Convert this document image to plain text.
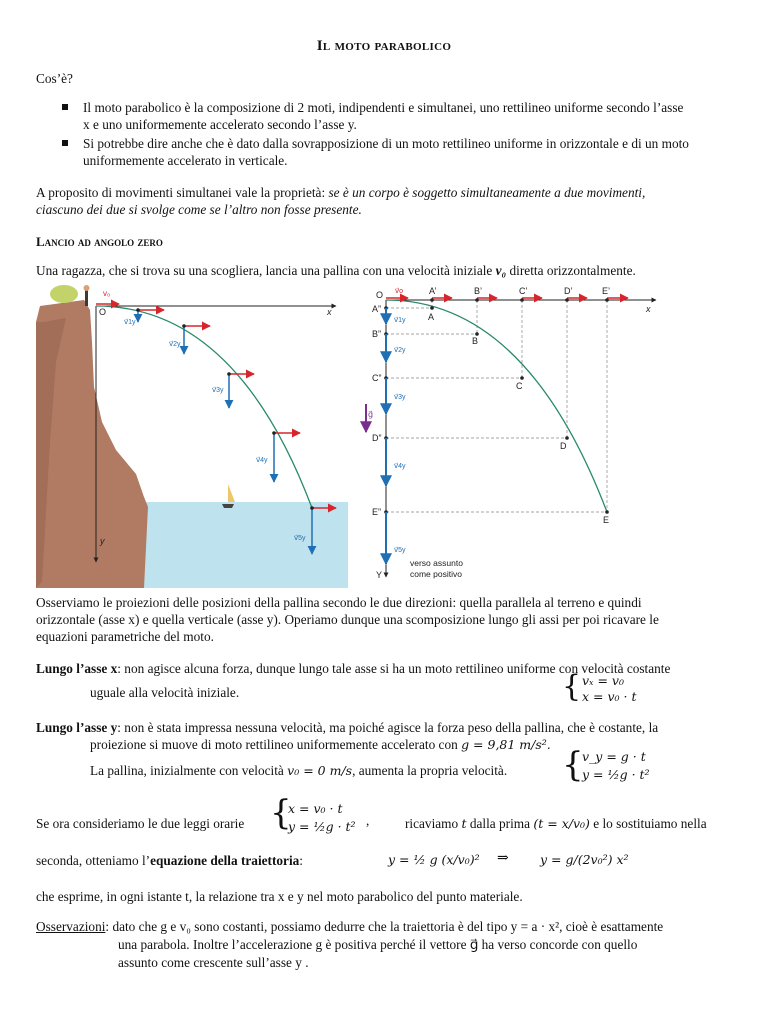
Il moto parabolico
Cos’è?
Il moto parabolico è la composizione di 2 moti, indipendenti e simultanei, uno rettilineo uniforme secondo l’asse
x e uno uniformemente accelerato secondo l’asse y.
Si potrebbe dire anche che è dato dalla sovrapposizione di un moto rettilineo uniforme in orizzontale e di un moto
uniformemente accelerato in verticale.
A proposito di movimenti simultanei vale la proprietà: se è un corpo è soggetto simultaneamente a due movimenti,
ciascuno dei due si svolge come se l’altro non fosse presente.
Lancio ad angolo zero
Una ragazza, che si trova su una scogliera, lancia una pallina con una velocità iniziale v₀ diretta orizzontalmente.
O	x
y
v₀
v⃗1y
v⃗2y
v⃗3y
v⃗4y
v⃗5y
O
x
Y
v⃗o	A’	B’	C’	D’	E’
A
B
C
D
E
A”
B”
C”
D”
E”
v⃗1y
v⃗2y
v⃗3y
v⃗4y
v⃗5y
g⃗
verso assunto
come positivo
Osserviamo le proiezioni delle posizioni della pallina secondo le due direzioni: quella parallela al terreno e quindi
orizzontale (asse x) e quella verticale (asse y). Operiamo dunque una scomposizione lungo gli assi per poi ricavare le
equazioni parametriche del moto.
Lungo l’asse x: non agisce alcuna forza, dunque lungo tale asse si ha un moto rettilineo uniforme con velocità costante
uguale alla velocità iniziale.	{ vₓ = v₀
x = v₀ · t
Lungo l’asse y: non è stata impressa nessuna velocità, ma poiché agisce la forza peso della pallina, che è costante, la
proiezione si muove di moto rettilineo uniformemente accelerato con g = 9,81 m/s².
La pallina, inizialmente con velocità v₀ = 0 m/s, aumenta la propria velocità. {
v_y = g · t
y = ½g · t²
Se ora consideriamo le due leggi orarie {
x = v₀ · t
y = ½g · t² ,	ricaviamo t dalla prima (t = x/v₀) e lo sostituiamo nella
seconda, otteniamo l’equazione della traiettoria:	y = ½ g (x/v₀)² ⇒	y = g/(2v₀²) x²
che esprime, in ogni istante t, la relazione tra x e y nel moto parabolico del punto materiale.
Osservazioni: dato che g e v₀ sono costanti, possiamo dedurre che la traiettoria è del tipo y = a · x², cioè è esattamente
una parabola. Inoltre l’accelerazione g è positiva perché il vettore g⃗ ha verso concorde con quello
assunto come crescente sull’asse y .
